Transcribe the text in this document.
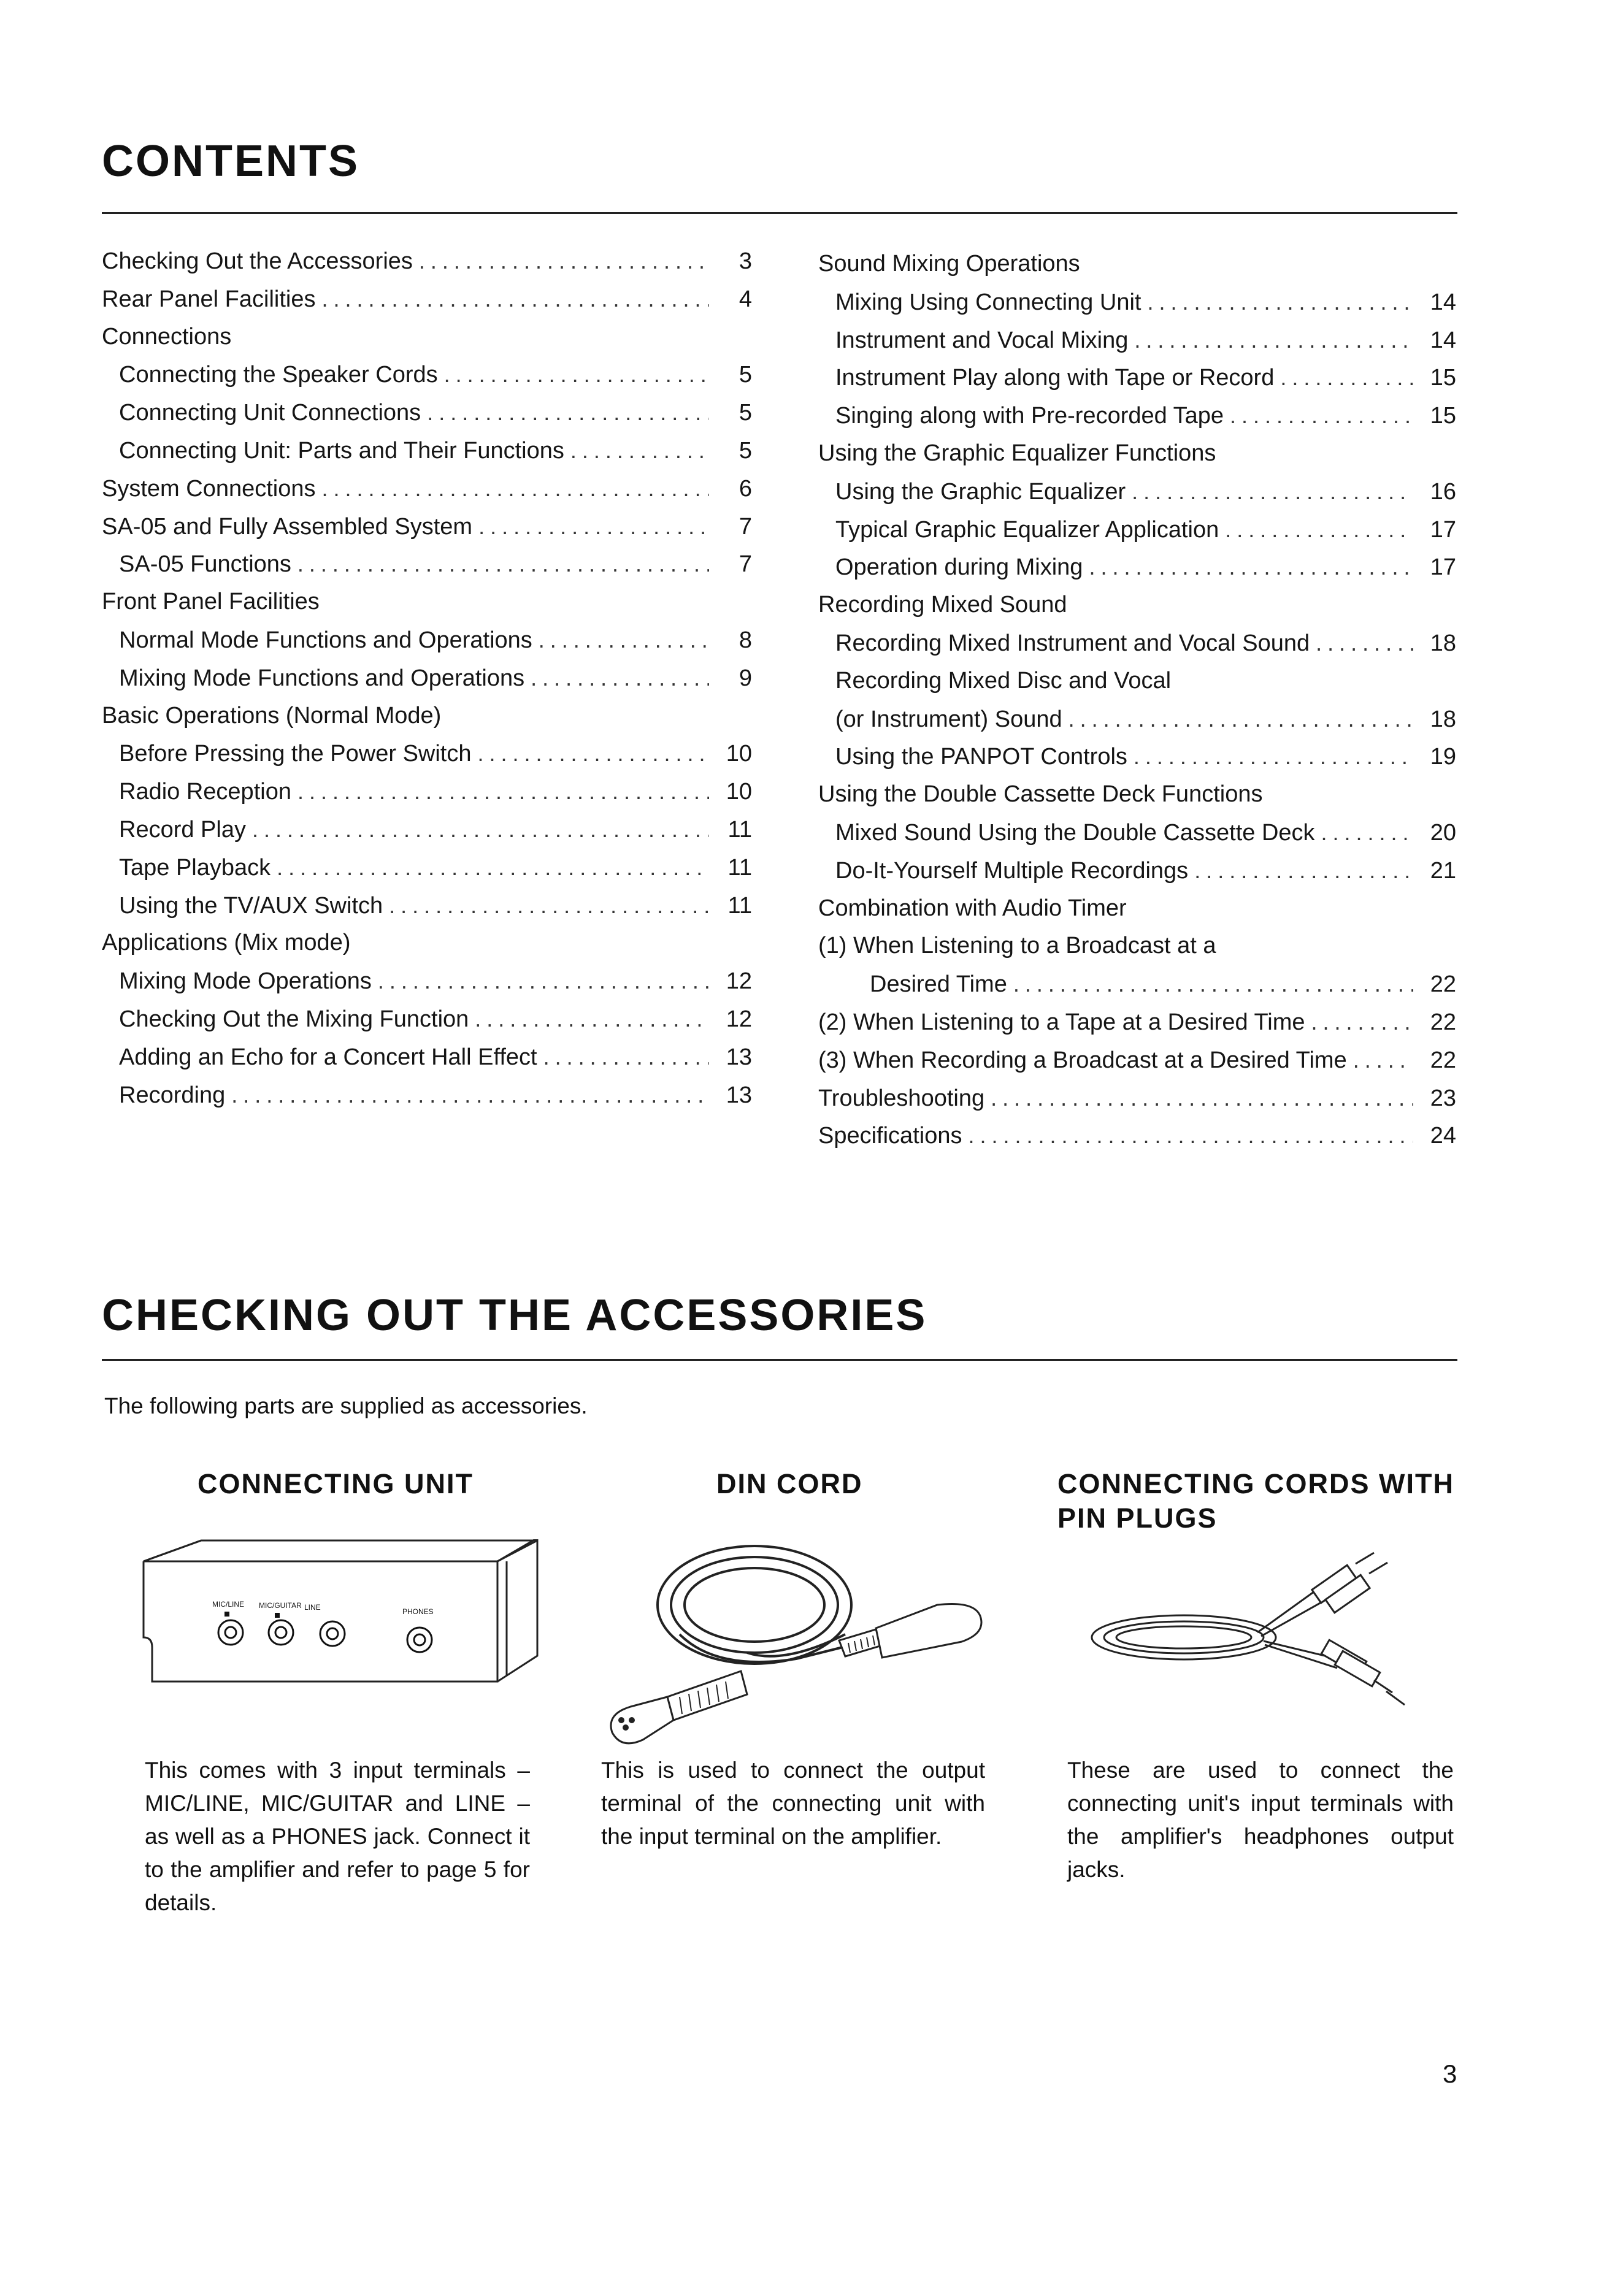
CONTENTS
Checking Out the Accessories .....	3
Rear Panel Facilities .....	4
Connections
Connecting the Speaker Cords .....	5
Connecting Unit Connections .....	5
Connecting Unit: Parts and Their Functions .....	5
System Connections .....	6
SA-05 and Fully Assembled System .....	7
SA-05 Functions .....	7
Front Panel Facilities
Normal Mode Functions and Operations .....	8
Mixing Mode Functions and Operations .....	9
Basic Operations (Normal Mode)
Before Pressing the Power Switch .....	10
Radio Reception .....	10
Record Play .....	11
Tape Playback .....	11
Using the TV/AUX Switch .....	11
Applications (Mix mode)
Mixing Mode Operations .....	12
Checking Out the Mixing Function .....	12
Adding an Echo for a Concert Hall Effect .....	13
Recording .....	13
Sound Mixing Operations
Mixing Using Connecting Unit .....	14
Instrument and Vocal Mixing .....	14
Instrument Play along with Tape or Record .....	15
Singing along with Pre-recorded Tape .....	15
Using the Graphic Equalizer Functions
Using the Graphic Equalizer .....	16
Typical Graphic Equalizer Application .....	17
Operation during Mixing .....	17
Recording Mixed Sound
Recording Mixed Instrument and Vocal Sound .....	18
Recording Mixed Disc and Vocal
(or Instrument) Sound .....	18
Using the PANPOT Controls .....	19
Using the Double Cassette Deck Functions
Mixed Sound Using the Double Cassette Deck .....	20
Do-It-Yourself Multiple Recordings .....	21
Combination with Audio Timer
(1) When Listening to a Broadcast at a
Desired Time .....	22
(2) When Listening to a Tape at a Desired Time .....	22
(3) When Recording a Broadcast at a Desired Time .....	22
Troubleshooting .....	23
Specifications .....	24
CHECKING OUT THE ACCESSORIES

The following parts are supplied as accessories.

CONNECTING UNIT
MIC/LINE MIC/GUITAR LINE	PHONES

This comes with 3 input terminals – MIC/LINE, MIC/GUITAR and LINE – as well as a PHONES jack. Connect it to the amplifier and refer to page 5 for details.

DIN CORD

This is used to connect the output terminal of the connecting unit with the input terminal on the amplifier.

CONNECTING CORDS WITH PIN PLUGS

These are used to connect the connecting unit's input terminals with the amplifier's headphones output jacks.

3
